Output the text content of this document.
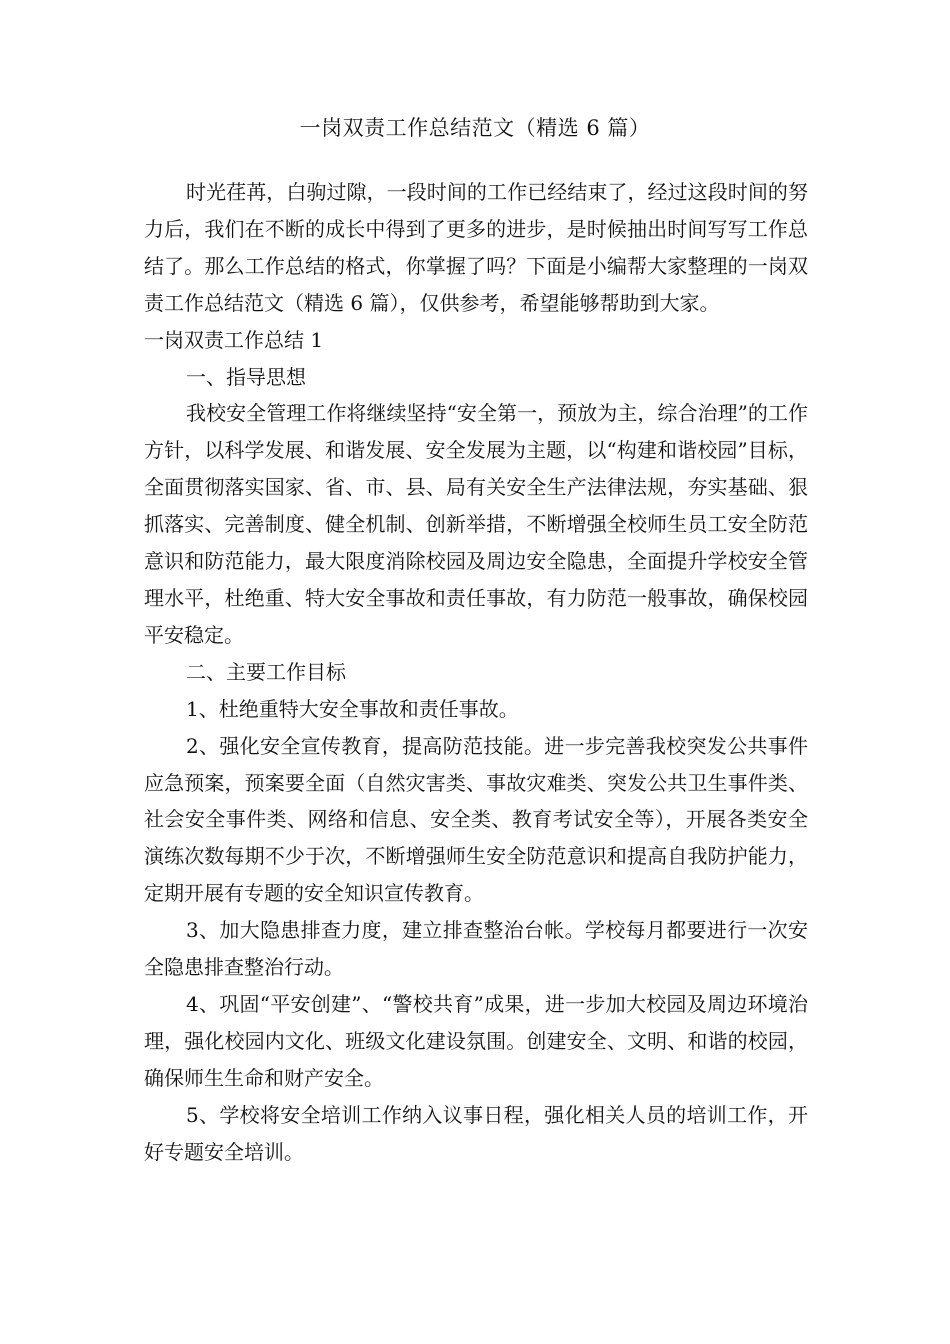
一岗双责工作总结范文（精选 6 篇）

时光荏苒，白驹过隙，一段时间的工作已经结束了，经过这段时间的努力后，我们在不断的成长中得到了更多的进步，是时候抽出时间写写工作总结了。那么工作总结的格式，你掌握了吗？下面是小编帮大家整理的一岗双责工作总结范文（精选 6 篇），仅供参考，希望能够帮助到大家。

一岗双责工作总结 1

一、指导思想

我校安全管理工作将继续坚持“安全第一，预放为主，综合治理”的工作方针，以科学发展、和谐发展、安全发展为主题，以“构建和谐校园”目标，全面贯彻落实国家、省、市、县、局有关安全生产法律法规，夯实基础、狠抓落实、完善制度、健全机制、创新举措，不断增强全校师生员工安全防范意识和防范能力，最大限度消除校园及周边安全隐患，全面提升学校安全管理水平，杜绝重、特大安全事故和责任事故，有力防范一般事故，确保校园平安稳定。

二、主要工作目标

1、杜绝重特大安全事故和责任事故。

2、强化安全宣传教育，提高防范技能。进一步完善我校突发公共事件应急预案，预案要全面（自然灾害类、事故灾难类、突发公共卫生事件类、社会安全事件类、网络和信息、安全类、教育考试安全等），开展各类安全演练次数每期不少于次，不断增强师生安全防范意识和提高自我防护能力，定期开展有专题的安全知识宣传教育。

3、加大隐患排查力度，建立排查整治台帐。学校每月都要进行一次安全隐患排查整治行动。

4、巩固“平安创建”、“警校共育”成果，进一步加大校园及周边环境治理，强化校园内文化、班级文化建设氛围。创建安全、文明、和谐的校园，确保师生生命和财产安全。

5、学校将安全培训工作纳入议事日程，强化相关人员的培训工作，开好专题安全培训。
